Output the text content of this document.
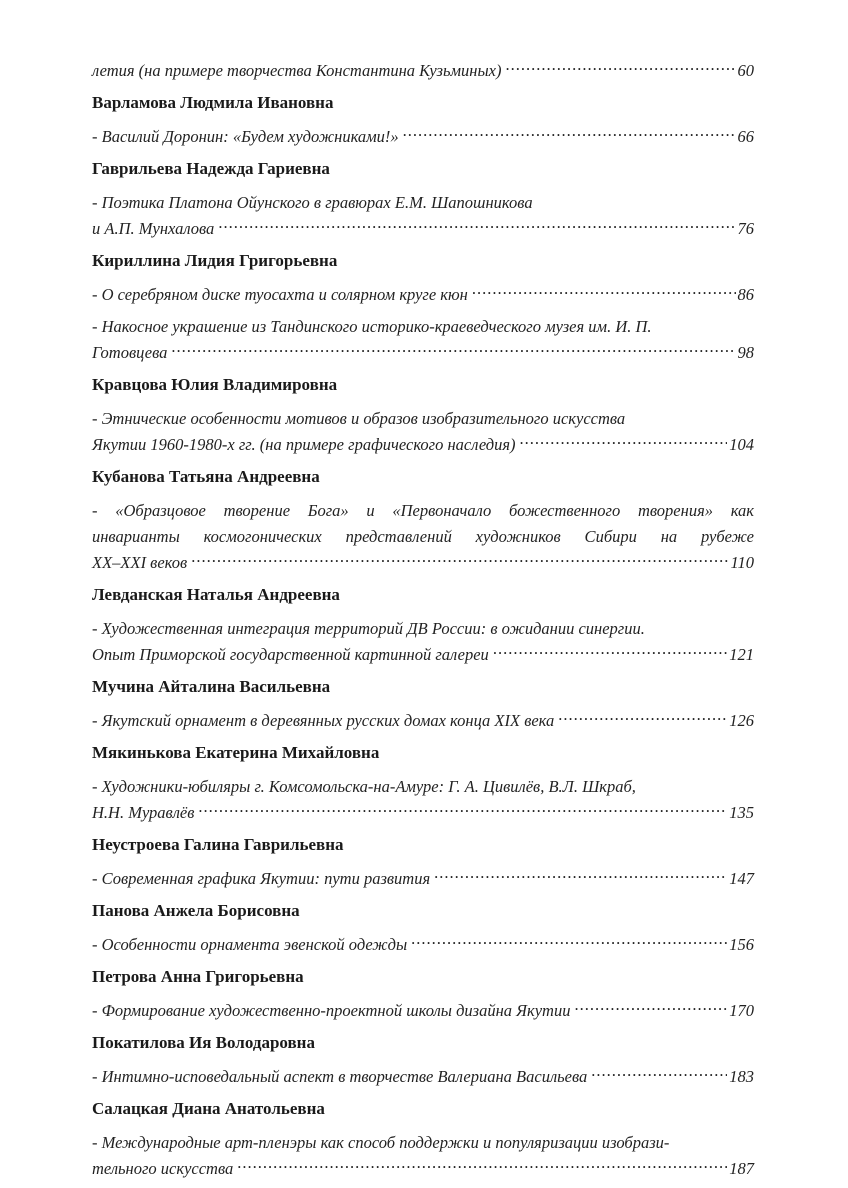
летия (на примере творчества Константина Кузьминых) .....	60
Варламова Людмила Ивановна
- Василий Доронин: «Будем художниками!» .....	66
Гаврильева Надежда Гариевна
- Поэтика Платона Ойунского в гравюрах Е.М. Шапошникова
и А.П. Мунхалова .....	76
Кириллина Лидия Григорьевна
- О серебряном диске туосахта и солярном круге кюн .....	86
- Накосное украшение из Тандинского историко-краеведческого музея им. И. П.
Готовцева .....	98
Кравцова Юлия Владимировна
- Этнические особенности мотивов и образов изобразительного искусства
Якутии 1960-1980-х гг. (на примере графического наследия) .....	104
Кубанова Татьяна Андреевна
- «Образцовое творение Бога» и «Первоначало божественного творения» как
инварианты космогонических представлений художников Сибири на рубеже
XX–XXI веков .....	110
Левданская Наталья Андреевна
- Художественная интеграция территорий ДВ России: в ожидании синергии.
Опыт Приморской государственной картинной галереи .....	121
Мучина Айталина Васильевна
- Якутский орнамент в деревянных русских домах конца XIX века .....	126
Мякинькова Екатерина Михайловна
- Художники-юбиляры г. Комсомольска-на-Амуре: Г. А. Цивилёв, В.Л. Шкраб,
Н.Н. Муравлёв .....	135
Неустроева Галина Гаврильевна
- Современная графика Якутии: пути развития .....	147
Панова Анжела Борисовна
- Особенности орнамента эвенской одежды .....	156
Петрова Анна Григорьевна
- Формирование художественно-проектной школы дизайна Якутии .....	170
Покатилова Ия Володаровна
- Интимно-исповедальный аспект в творчестве Валериана Васильева .....	183
Салацкая Диана Анатольевна
- Международные арт-пленэры как способ поддержки и популяризации изобрази-
тельного искусства .....	187
